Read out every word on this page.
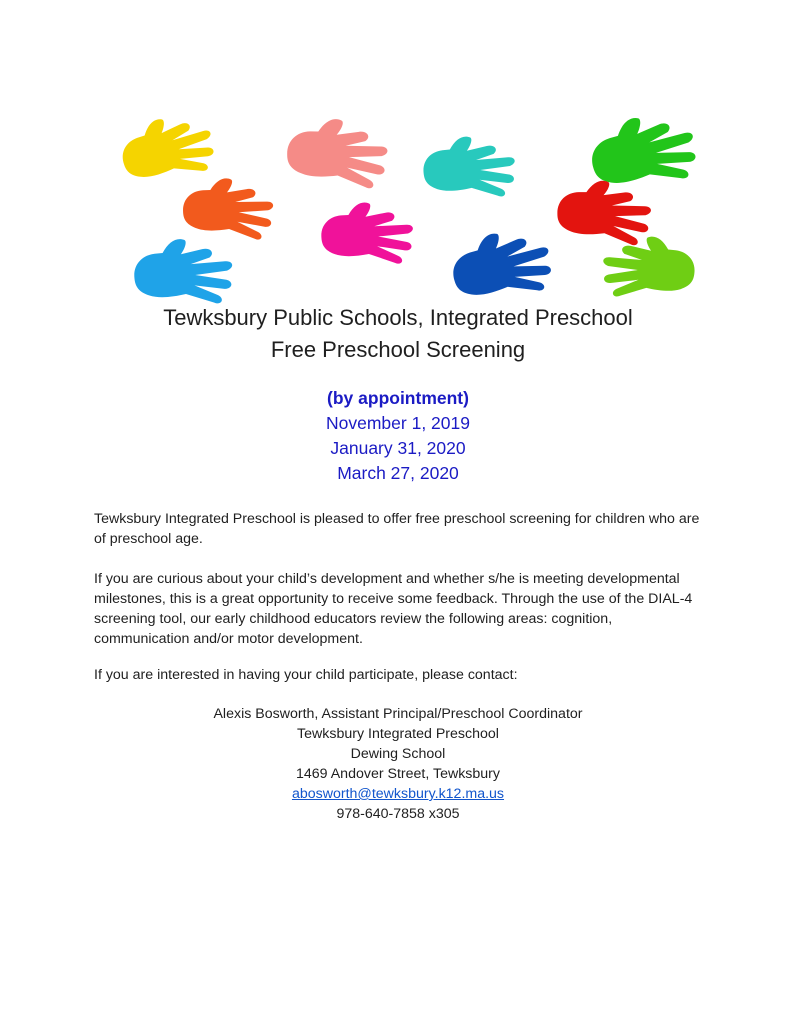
Tewksbury Public Schools, Integrated Preschool
Free Preschool Screening
(by appointment)
November 1, 2019
January 31, 2020
March 27, 2020
Tewksbury Integrated Preschool is pleased to offer free preschool screening for children who are of preschool age.
If you are curious about your child’s development and whether s/he is meeting developmental milestones, this is a great opportunity to receive some feedback. Through the use of the DIAL-4 screening tool, our early childhood educators review the following areas: cognition, communication and/or motor development.
If you are interested in having your child participate, please contact:
Alexis Bosworth, Assistant Principal/Preschool Coordinator
Tewksbury Integrated Preschool
Dewing School
1469 Andover Street, Tewksbury
abosworth@tewksbury.k12.ma.us
978-640-7858 x305
